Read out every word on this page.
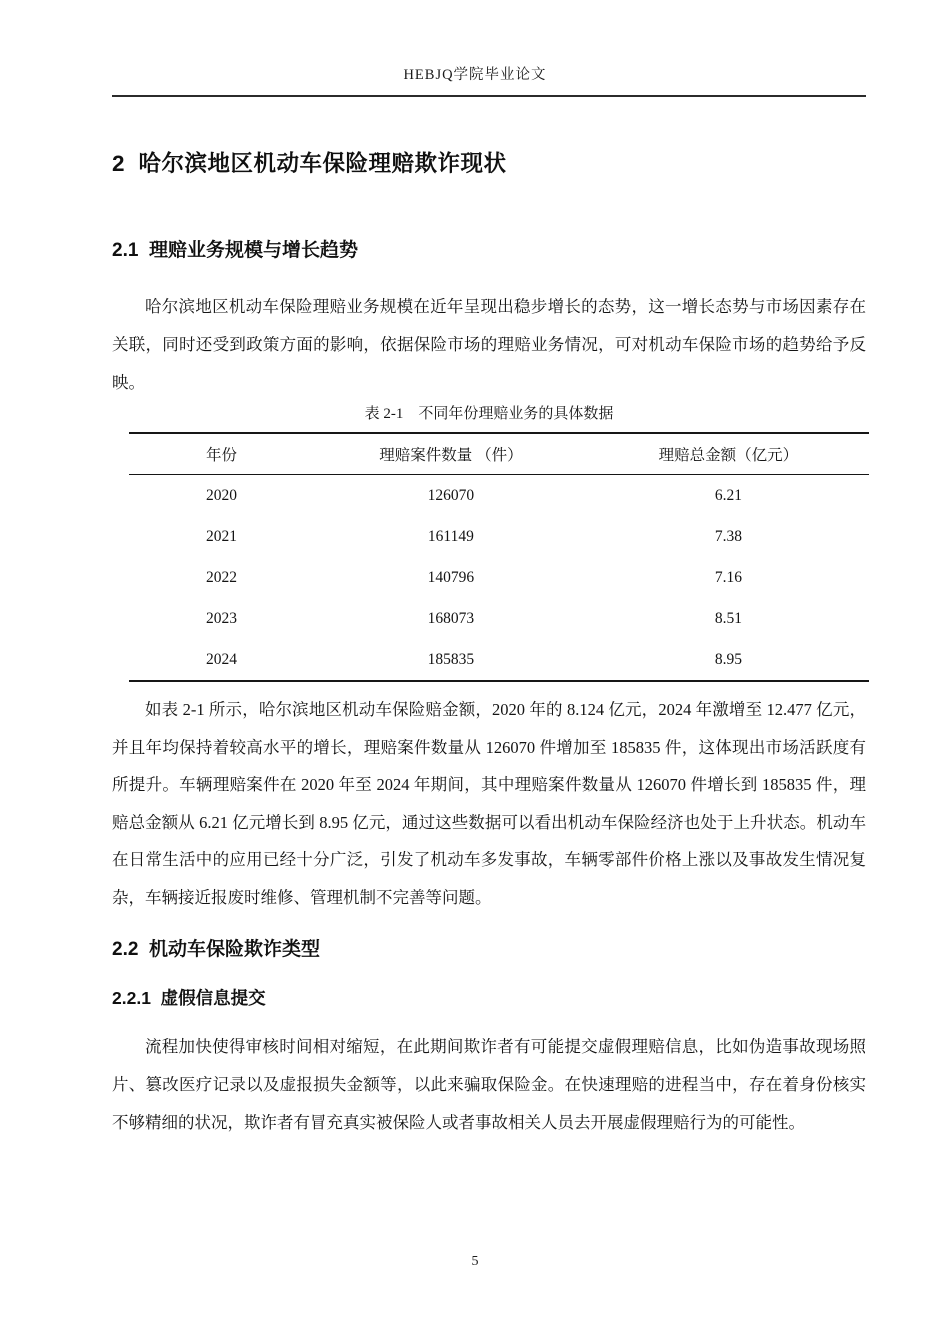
HEBJQ学院毕业论文
2  哈尔滨地区机动车保险理赔欺诈现状
2.1  理赔业务规模与增长趋势

哈尔滨地区机动车保险理赔业务规模在近年呈现出稳步增长的态势，这一增长态势与市场因素存在关联，同时还受到政策方面的影响，依据保险市场的理赔业务情况，可对机动车保险市场的趋势给予反映。

表 2-1　不同年份理赔业务的具体数据
年份	理赔案件数量 （件）	理赔总金额（亿元）
2020	126070	6.21
2021	161149	7.38
2022	140796	7.16
2023	168073	8.51
2024	185835	8.95

如表 2-1 所示，哈尔滨地区机动车保险赔金额，2020 年的 8.124 亿元，2024 年激增至 12.477 亿元，并且年均保持着较高水平的增长，理赔案件数量从 126070 件增加至 185835 件，这体现出市场活跃度有所提升。车辆理赔案件在 2020 年至 2024 年期间，其中理赔案件数量从 126070 件增长到 185835 件，理赔总金额从 6.21 亿元增长到 8.95 亿元，通过这些数据可以看出机动车保险经济也处于上升状态。机动车在日常生活中的应用已经十分广泛，引发了机动车多发事故，车辆零部件价格上涨以及事故发生情况复杂，车辆接近报废时维修、管理机制不完善等问题。

2.2  机动车保险欺诈类型
2.2.1  虚假信息提交

流程加快使得审核时间相对缩短，在此期间欺诈者有可能提交虚假理赔信息，比如伪造事故现场照片、篡改医疗记录以及虚报损失金额等，以此来骗取保险金。在快速理赔的进程当中，存在着身份核实不够精细的状况，欺诈者有冒充真实被保险人或者事故相关人员去开展虚假理赔行为的可能性。

5
